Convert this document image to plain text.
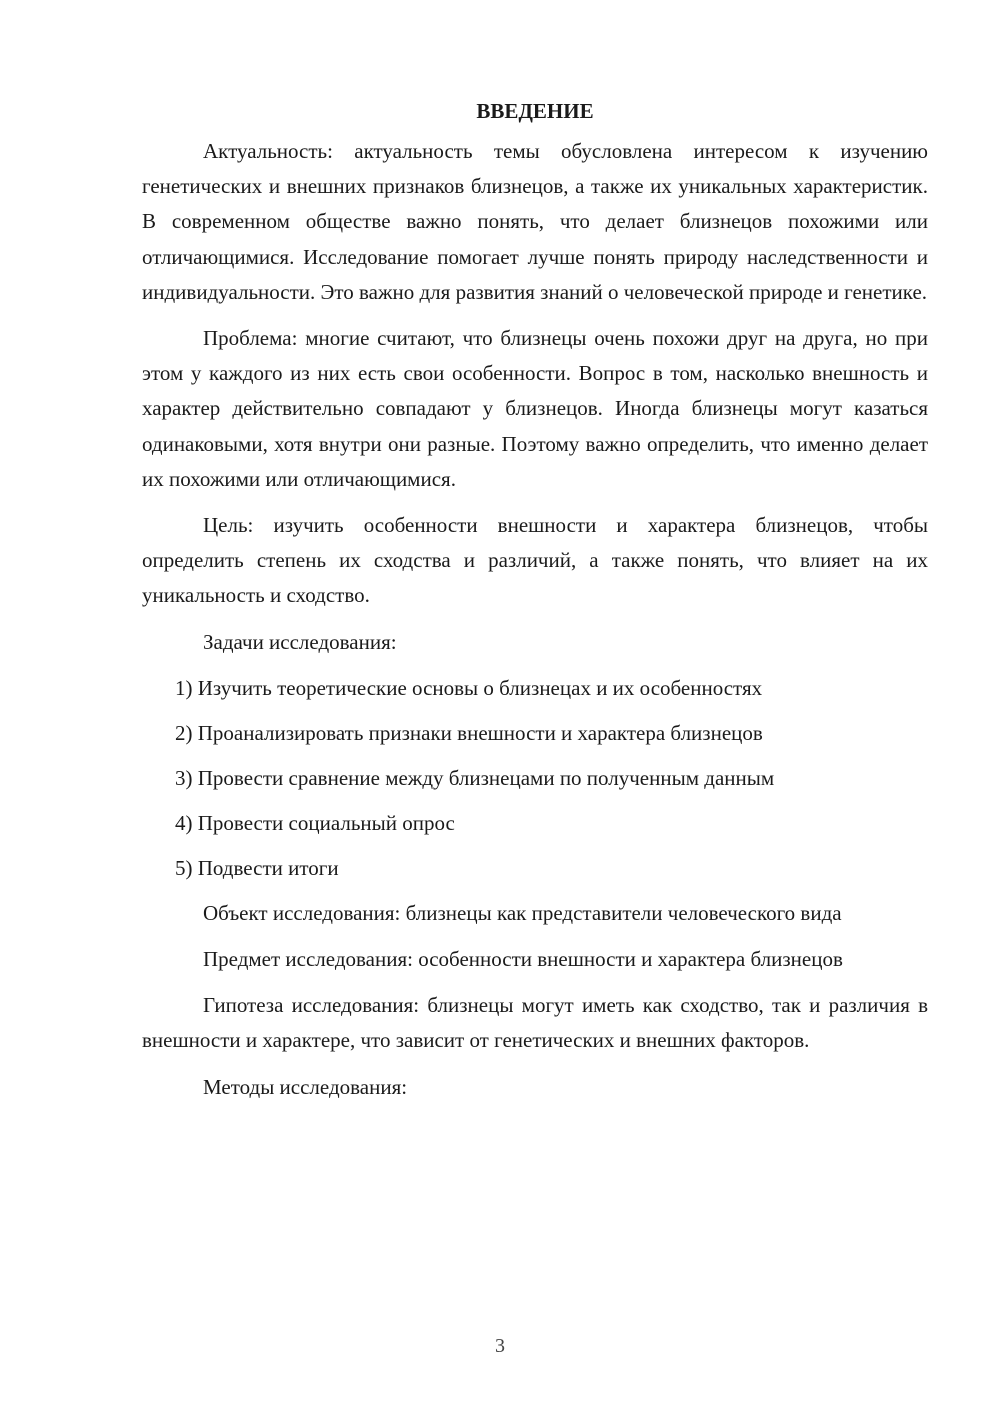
ВВЕДЕНИЕ

Актуальность: актуальность темы обусловлена интересом к изучению генетических и внешних признаков близнецов, а также их уникальных характеристик. В современном обществе важно понять, что делает близнецов похожими или отличающимися. Исследование помогает лучше понять природу наследственности и индивидуальности. Это важно для развития знаний о человеческой природе и генетике.

Проблема: многие считают, что близнецы очень похожи друг на друга, но при этом у каждого из них есть свои особенности. Вопрос в том, насколько внешность и характер действительно совпадают у близнецов. Иногда близнецы могут казаться одинаковыми, хотя внутри они разные. Поэтому важно определить, что именно делает их похожими или отличающимися.

Цель: изучить особенности внешности и характера близнецов, чтобы определить степень их сходства и различий, а также понять, что влияет на их уникальность и сходство.

Задачи исследования:

1) Изучить теоретические основы о близнецах и их особенностях

2) Проанализировать признаки внешности и характера близнецов

3) Провести сравнение между близнецами по полученным данным

4) Провести социальный опрос

5) Подвести итоги

Объект исследования: близнецы как представители человеческого вида

Предмет исследования: особенности внешности и характера близнецов

Гипотеза исследования: близнецы могут иметь как сходство, так и различия в внешности и характере, что зависит от генетических и внешних факторов.

Методы исследования:

3
